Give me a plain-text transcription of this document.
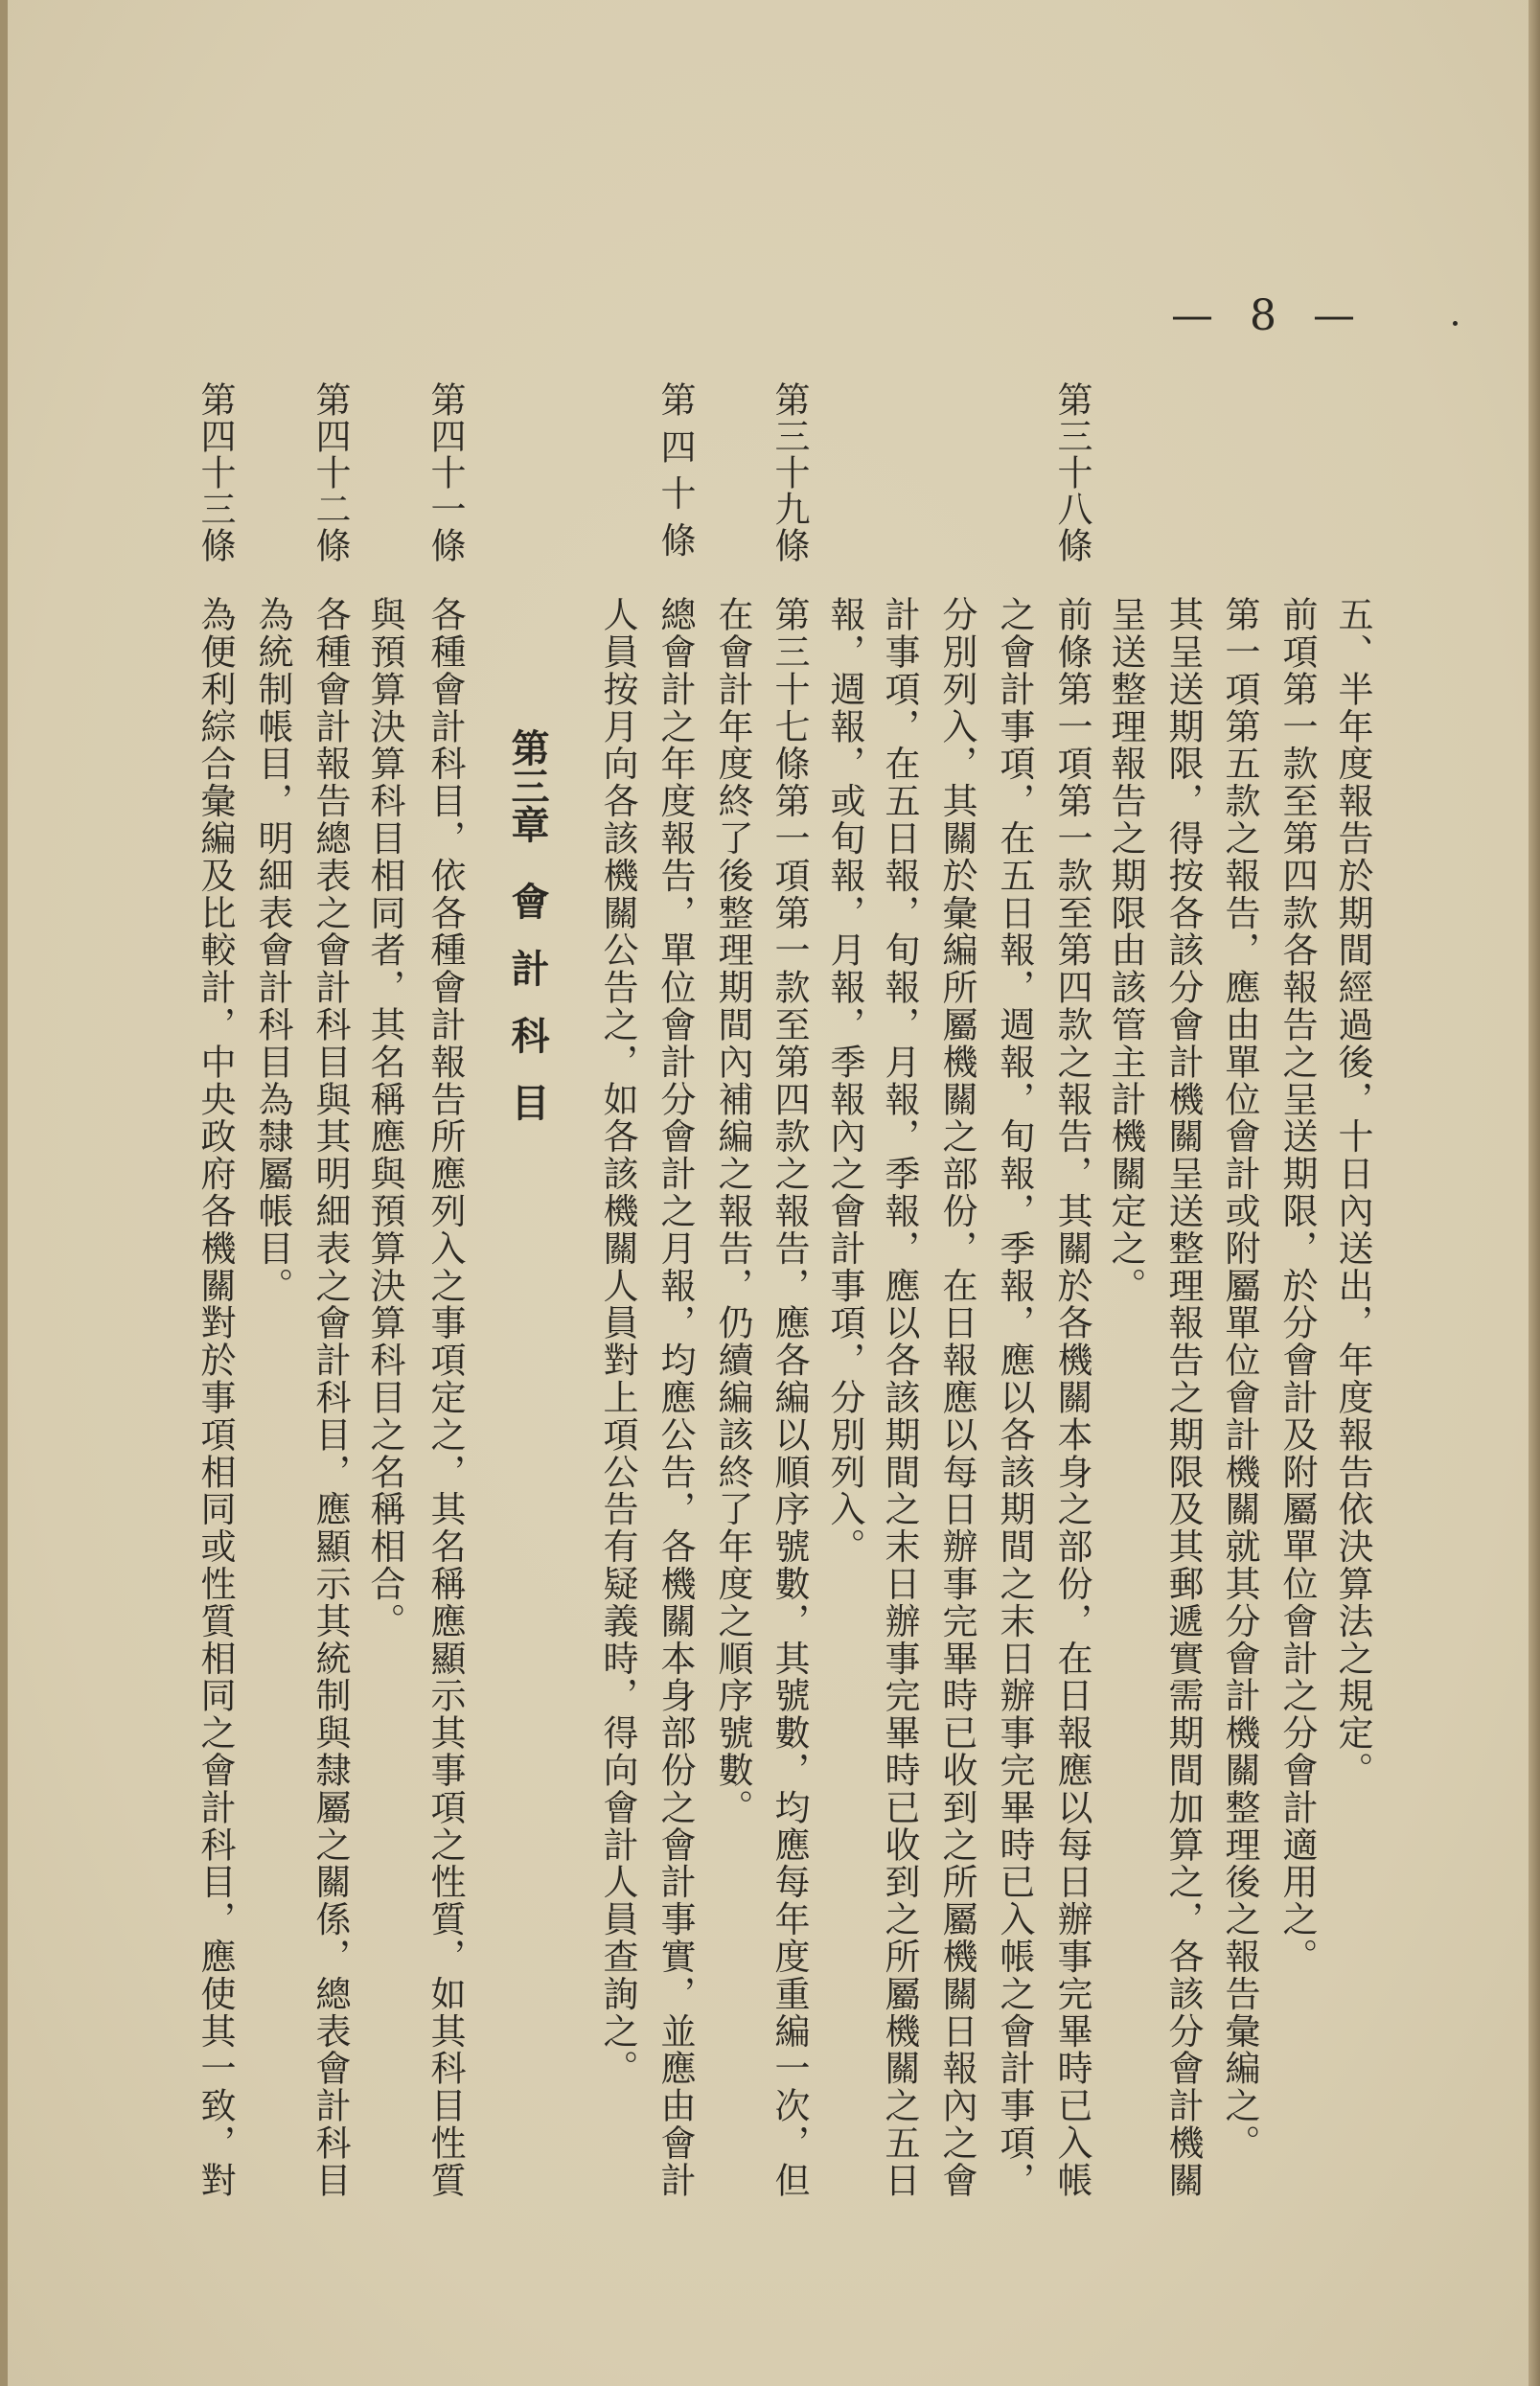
— 8 —
五、半年度報告於期間經過後，十日內送出，年度報告依決算法之規定。
前項第一款至第四款各報告之呈送期限，於分會計及附屬單位會計之分會計適用之。
第一項第五款之報告，應由單位會計或附屬單位會計機關就其分會計機關整理後之報告彙編之。
其呈送期限，得按各該分會計機關呈送整理報告之期限及其郵遞實需期間加算之，各該分會計機關
呈送整理報告之期限由該管主計機關定之。
第三十八條
前條第一項第一款至第四款之報告，其關於各機關本身之部份，在日報應以每日辦事完畢時已入帳
之會計事項，在五日報，週報，旬報，季報，應以各該期間之末日辦事完畢時已入帳之會計事項，
分別列入，其關於彙編所屬機關之部份，在日報應以每日辦事完畢時已收到之所屬機關日報內之會
計事項，在五日報，旬報，月報，季報，應以各該期間之末日辦事完畢時已收到之所屬機關之五日
報，週報，或旬報，月報，季報內之會計事項，分別列入。
第三十九條
第三十七條第一項第一款至第四款之報告，應各編以順序號數，其號數，均應每年度重編一次，但
在會計年度終了後整理期間內補編之報告，仍續編該終了年度之順序號數。
第 四 十 條
總會計之年度報告，單位會計分會計之月報，均應公告，各機關本身部份之會計事實，並應由會計
人員按月向各該機關公告之，如各該機關人員對上項公告有疑義時，得向會計人員查詢之。
第三章會計科目
第四十一條
各種會計科目，依各種會計報告所應列入之事項定之，其名稱應顯示其事項之性質，如其科目性質
與預算決算科目相同者，其名稱應與預算決算科目之名稱相合。
第四十二條
各種會計報告總表之會計科目與其明細表之會計科目，應顯示其統制與隸屬之關係，總表會計科目
為統制帳目，明細表會計科目為隸屬帳目。
第四十三條
為便利綜合彙編及比較計，中央政府各機關對於事項相同或性質相同之會計科目，應使其一致，對
